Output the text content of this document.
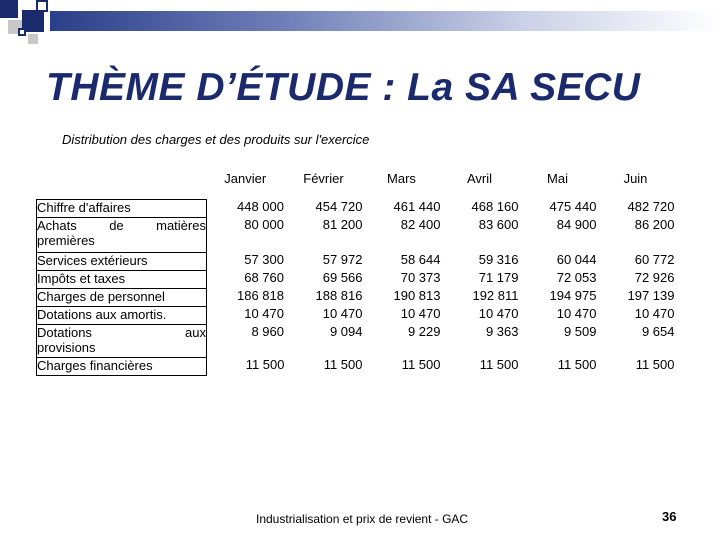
THÈME D’ÉTUDE : La SA SECU
Distribution des charges et des produits sur l'exercice
	Janvier	Février	Mars	Avril	Mai	Juin
Chiffre d'affaires	448 000	454 720	461 440	468 160	475 440	482 720

Achats de matières
premières	80 000	81 200	82 400	83 600	84 900	86 200
Services extérieurs	57 300	57 972	58 644	59 316	60 044	60 772
Impôts et taxes	68 760	69 566	70 373	71 179	72 053	72 926
Charges de personnel	186 818	188 816	190 813	192 811	194 975	197 139
Dotations aux amortis.	10 470	10 470	10 470	10 470	10 470	10 470

Dotations aux
provisions	8 960	9 094	9 229	9 363	9 509	9 654
Charges financières	11 500	11 500	11 500	11 500	11 500	11 500
Industrialisation et prix de revient - GAC	36
